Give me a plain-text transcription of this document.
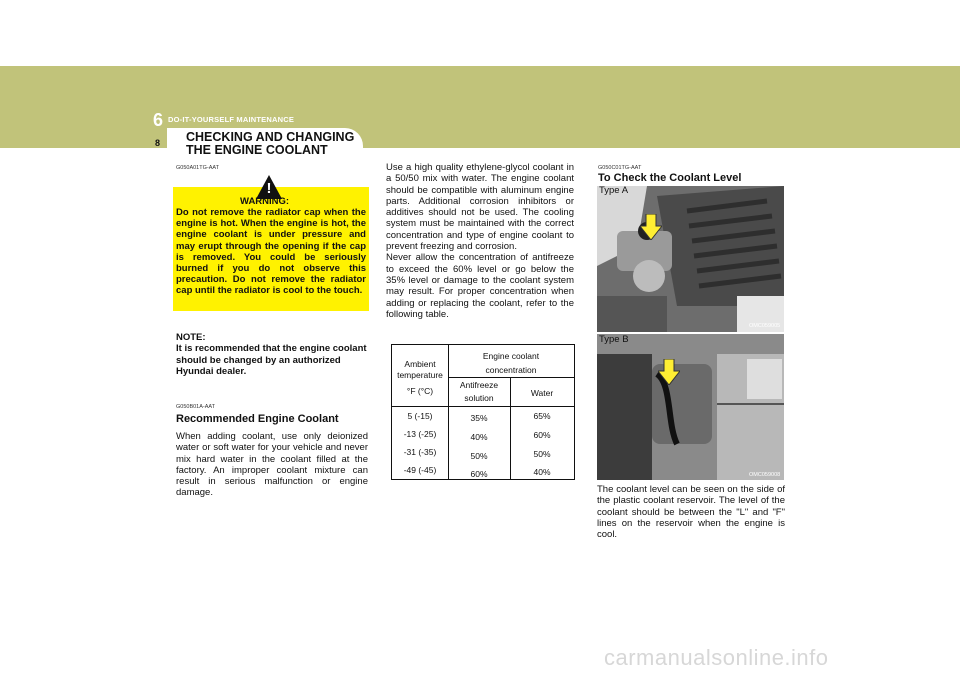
6 DO-IT-YOURSELF MAINTENANCE
8 CHECKING AND CHANGING
THE ENGINE COOLANT
G050A01TG-AAT
!
WARNING:
Do not remove the radiator cap when the engine is hot. When the engine is hot, the engine coolant is under pressure and may erupt through the opening if the cap is removed. You could be seriously burned if you do not observe this precaution. Do not remove the radiator cap until the radiator is cool to the touch.
NOTE:
It is recommended that the engine coolant should be changed by an authorized Hyundai dealer.
G050B01A-AAT
Recommended Engine Coolant
When adding coolant, use only deionized water or soft water for your vehicle and never mix hard water in the coolant filled at the factory. An improper coolant mixture can result in serious malfunction or engine damage.
Use a high quality ethylene-glycol coolant in a 50/50 mix with water. The engine coolant should be compatible with aluminum engine parts. Additional corrosion inhibitors or additives should not be used. The cooling system must be maintained with the correct concentration and type of engine coolant to prevent freezing and corrosion.
Never allow the concentration of antifreeze to exceed the 60% level or go below the 35% level or damage to the coolant system may result. For proper concentration when adding or replacing the coolant, refer to the following table.
Ambient
temperature
°F (°C)
Engine coolant
concentration
Antifreeze
solution	Water
5 (-15)	35%	65%
-13 (-25)	40%	60%
-31 (-35)	50%	50%
-49 (-45)	60%	40%
G050C01TG-AAT
To Check the Coolant Level
Type A
OMC059005
Type B
OMC059008
The coolant level can be seen on the side of the plastic coolant reservoir. The level of the coolant should be between the "L" and "F" lines on the reservoir when the engine is cool.
carmanualsonline.info
